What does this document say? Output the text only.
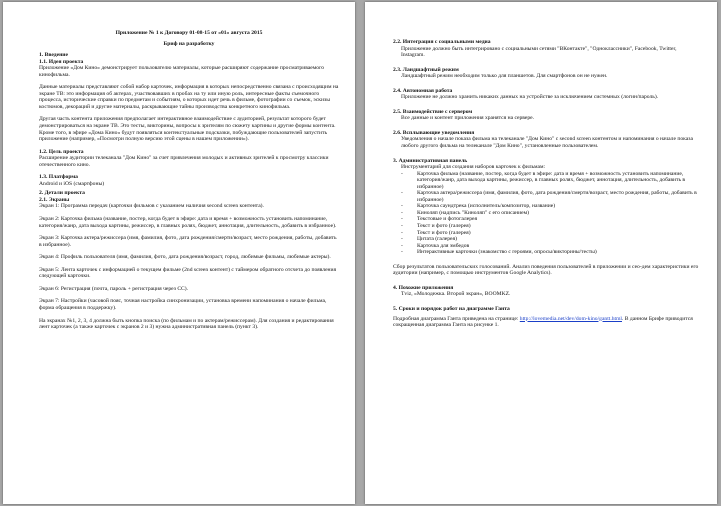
Приложение № 1 к Договору 01-08-15 от «01» августа 2015
Бриф на разработку
1. Введение
1.1. Идея проекта

Приложение «Дом Кино» демонстрирует пользователю материалы, которые расширяют содержание просматриваемого кинофильма.

Данные материалы представляют собой набор карточек, информация в которых непосредственно связана с происходящим на экране ТВ: это информация об актерах, участвовавших в пробах на ту или иную роль, интересные факты съемочного процесса, исторические справки по предметам и событиям, о которых идет речь в фильме, фотографии со съемок, эскизы костюмов, декораций и другие материалы, раскрывающие тайны производства конкретного кинофильма.

Другая часть контента приложения предполагает интерактивное взаимодействие с аудиторией, результат которого будет демонстрироваться на экране ТВ. Это тесты, викторины, вопросы к зрителям по сюжету картины и другие формы контента. Кроме того, в эфире «Дома Кино» будут появляться контекстуальные подсказки, побуждающие пользователей запустить приложение (например, «Посмотри полную версию этой сцены в нашем приложении»).

1.2. Цель проекта

Расширение аудитории телеканала "Дом Кино" за счет привлечения молодых и активных зрителей к просмотру классики отечественного кино.

1.3. Платформа

Android и iOS (смартфоны)

2. Детали проекта
2.1. Экраны

Экран 1: Программа передач (карточки фильмов с указанием наличия second screen контента).

Экран 2: Карточка фильма (название, постер, когда будет в эфире: дата и время + возможность установить напоминание, категория/жанр, дата выхода картины, режиссер, в главных ролях, бюджет, аннотация, длительность, добавить в избранное).

Экран 3: Карточка актера/режиссера (имя, фамилия, фото, дата рождения/смерти/возраст, место рождения, работы, добавить в избранное).

Экран 4: Профиль пользователя (имя, фамилия, фото, дата рождения/возраст, город, любимые фильмы, любимые актеры).

Экран 5: Лента карточек с информацией о текущем фильме (2nd screen контент) с таймером обратного отсчета до появления следующей карточки.

Экран 6: Регистрация (почта, пароль + регистрация через СС).

Экран 7: Настройки (часовой пояс, точная настройка синхронизации, установка времени напоминания о начале фильма, форма обращения в поддержку).

На экранах №1, 2, 3, 4 должна быть кнопка поиска (по фильмам и по актерам/режиссерам). Для создания и редактирования лент карточек (а также карточек с экранов 2 и 3) нужна административная панель (пункт 3).

2.2. Интеграция с социальными медиа

Приложение должно быть интегрировано с социальными сетями "ВКонтакте", "Одноклассники", Facebook, Twitter, Instagram.

2.3. Ландшафтный режим

Ландшафтный режим необходим только для планшетов. Для смартфонов он не нужен.

2.4. Автономная работа

Приложение не должно хранить никаких данных на устройстве за исключением системных (логин/пароль).

2.5. Взаимодействие с сервером

Все данные и контент приложения хранятся на сервере.

2.6. Всплывающие уведомления

Уведомления о начале показа фильма на телеканале "Дом Кино" с second screen контентом и напоминания о начале показа любого другого фильма на телеканале "Дом Кино", установленные пользователем.

3. Административная панель

Инструментарий для создания наборов карточек к фильмам:

- Карточка фильма (название, постер, когда будет в эфире: дата и время + возможность установить напоминание, категория/жанр, дата выхода картины, режиссер, в главных ролях, бюджет, аннотация, длительность, добавить в избранное)
- Карточка актера/режиссера (имя, фамилия, фото, дата рождения/смерти/возраст, место рождения, работы, добавить в избранное)
- Карточка саундтрека (исполнитель/композитор, название)
- Киноляп (надпись "Киноляп" с его описанием)
- Текстовые и фотогалерея
- Текст и фото (галерея)
- Текст и фото (галерея)
- Цитата (галерея)
- Карточка для эмбедов
- Интерактивные карточки (знакомство с героями, опросы/викторины/тесты)

Сбор результатов пользовательских голосований. Анализ поведения пользователей в приложении и сео-дем характеристики его аудитории (например, с помощью инструментов Google Analytics).

4. Похожие приложения

Tviz, «Молодежка. Второй экран», BOOMKZ.

5. Сроки и порядок работ на диаграмме Ганта

Подробная диаграмма Ганта приведена на странице: http://lovemedia.net/dev/dom-kino/gantt.html. В данном Брифе приводится сокращенная диаграмма Ганта на рисунке 1.
